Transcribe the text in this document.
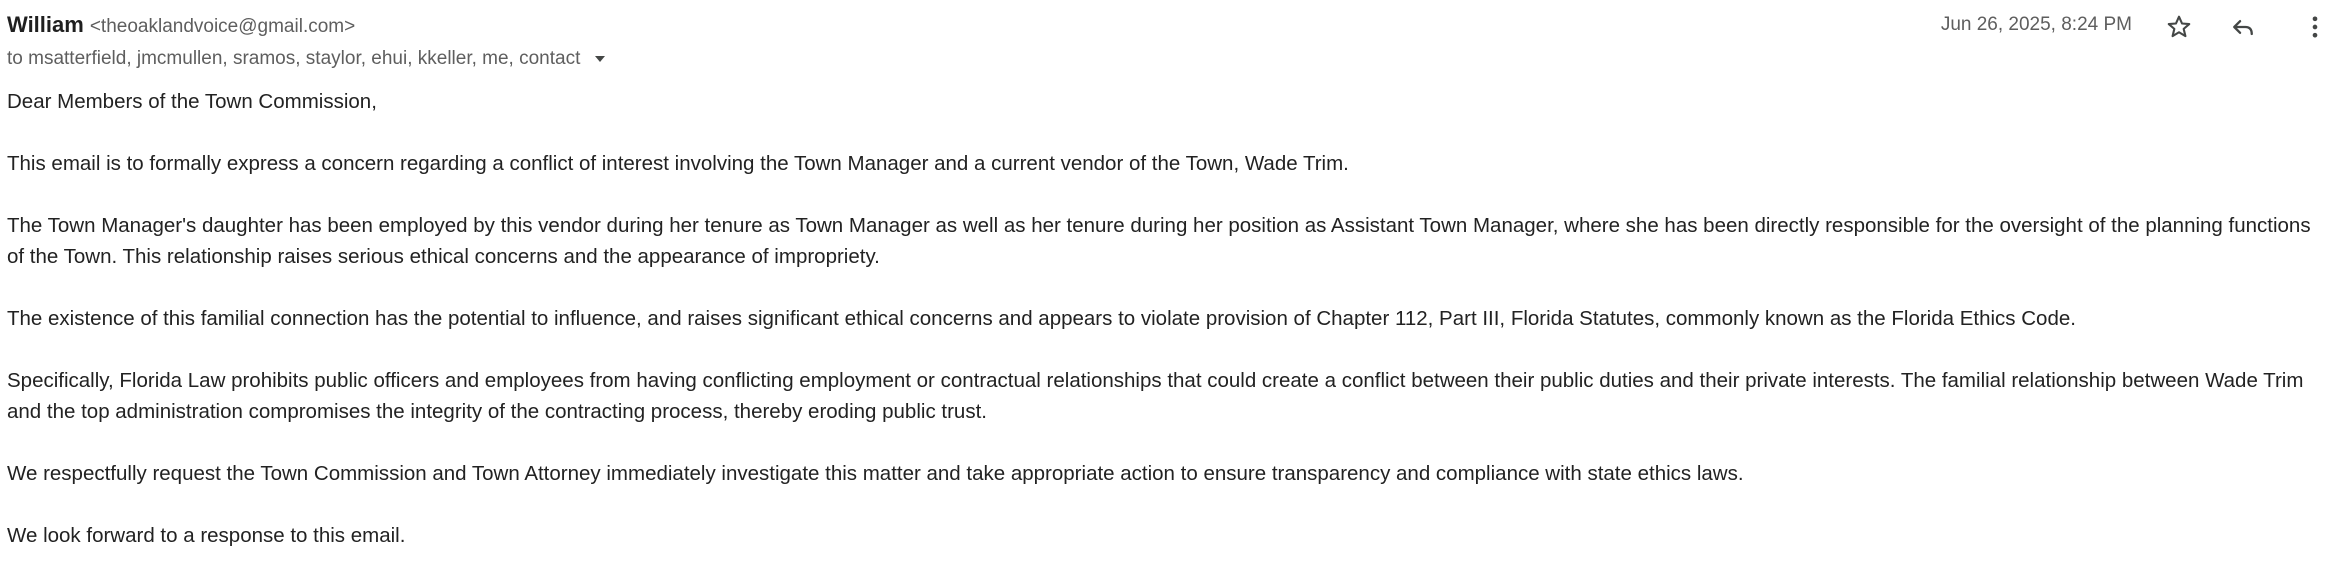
William <theoaklandvoice@gmail.com>
to msatterfield, jmcmullen, sramos, staylor, ehui, kkeller, me, contact
Jun 26, 2025, 8:24 PM

Dear Members of the Town Commission,

This email is to formally express a concern regarding a conflict of interest involving the Town Manager and a current vendor of the Town, Wade Trim.

The Town Manager's daughter has been employed by this vendor during her tenure as Town Manager as well as her tenure during her position as Assistant Town Manager, where she has been directly responsible for the oversight of the planning functions of the Town. This relationship raises serious ethical concerns and the appearance of impropriety.

The existence of this familial connection has the potential to influence, and raises significant ethical concerns and appears to violate provision of Chapter 112, Part III, Florida Statutes, commonly known as the Florida Ethics Code.

Specifically, Florida Law prohibits public officers and employees from having conflicting employment or contractual relationships that could create a conflict between their public duties and their private interests. The familial relationship between Wade Trim and the top administration compromises the integrity of the contracting process, thereby eroding public trust.

We respectfully request the Town Commission and Town Attorney immediately investigate this matter and take appropriate action to ensure transparency and compliance with state ethics laws.

We look forward to a response to this email.
